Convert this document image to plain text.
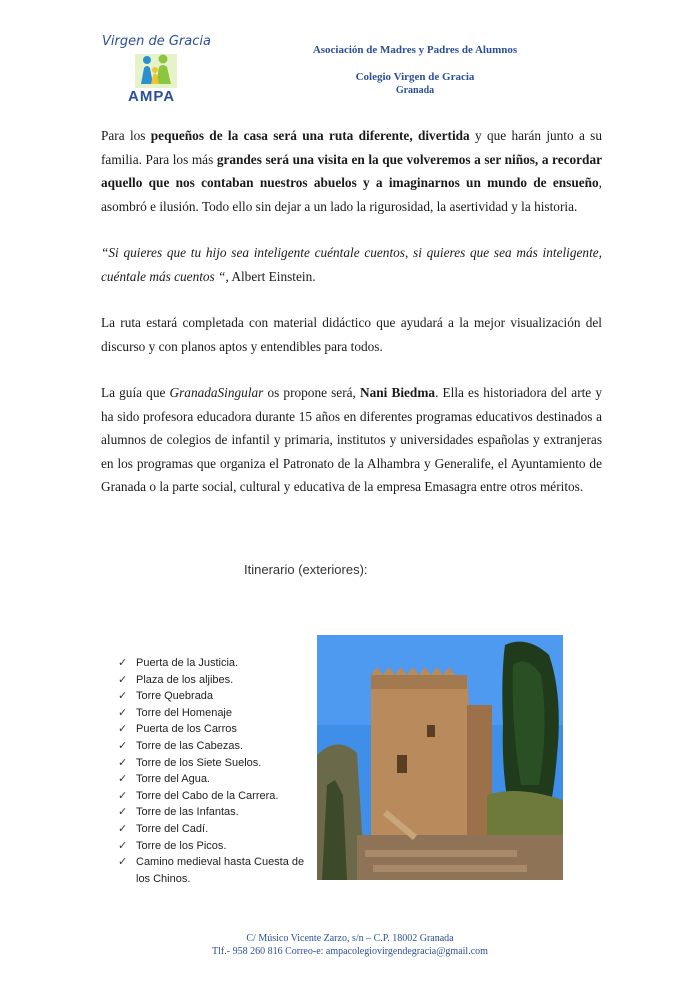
Virgen de Gracia
AMPA
Asociación de Madres y Padres de Alumnos
Colegio Virgen de Gracia
Granada

Para los pequeños de la casa será una ruta diferente, divertida y que harán junto a su familia. Para los más grandes será una visita en la que volveremos a ser niños, a recordar aquello que nos contaban nuestros abuelos y a imaginarnos un mundo de ensueño, asombró e ilusión. Todo ello sin dejar a un lado la rigurosidad, la asertividad y la historia.

“Si quieres que tu hijo sea inteligente cuéntale cuentos, si quieres que sea más inteligente, cuéntale más cuentos “, Albert Einstein.

La ruta estará completada con material didáctico que ayudará a la mejor visualización del discurso y con planos aptos y entendibles para todos.

La guía que GranadaSingular os propone será, Nani Biedma. Ella es historiadora del arte y ha sido profesora educadora durante 15 años en diferentes programas educativos destinados a alumnos de colegios de infantil y primaria, institutos y universidades españolas y extranjeras en los programas que organiza el Patronato de la Alhambra y Generalife, el Ayuntamiento de Granada o la parte social, cultural y educativa de la empresa Emasagra entre otros méritos.

Itinerario (exteriores):
✓ Puerta de la Justicia.
✓ Plaza de los aljibes.
✓ Torre Quebrada
✓ Torre del Homenaje
✓ Puerta de los Carros
✓ Torre de las Cabezas.
✓ Torre de los Siete Suelos.
✓ Torre del Agua.
✓ Torre del Cabo de la Carrera.
✓ Torre de las Infantas.
✓ Torre del Cadí.
✓ Torre de los Picos.
✓ Camino medieval hasta Cuesta de los Chinos.
C/ Músico Vicente Zarzo, s/n – C.P. 18002 Granada
Tlf.- 958 260 816 Correo-e: ampacolegiovirgendegracia@gmail.com
